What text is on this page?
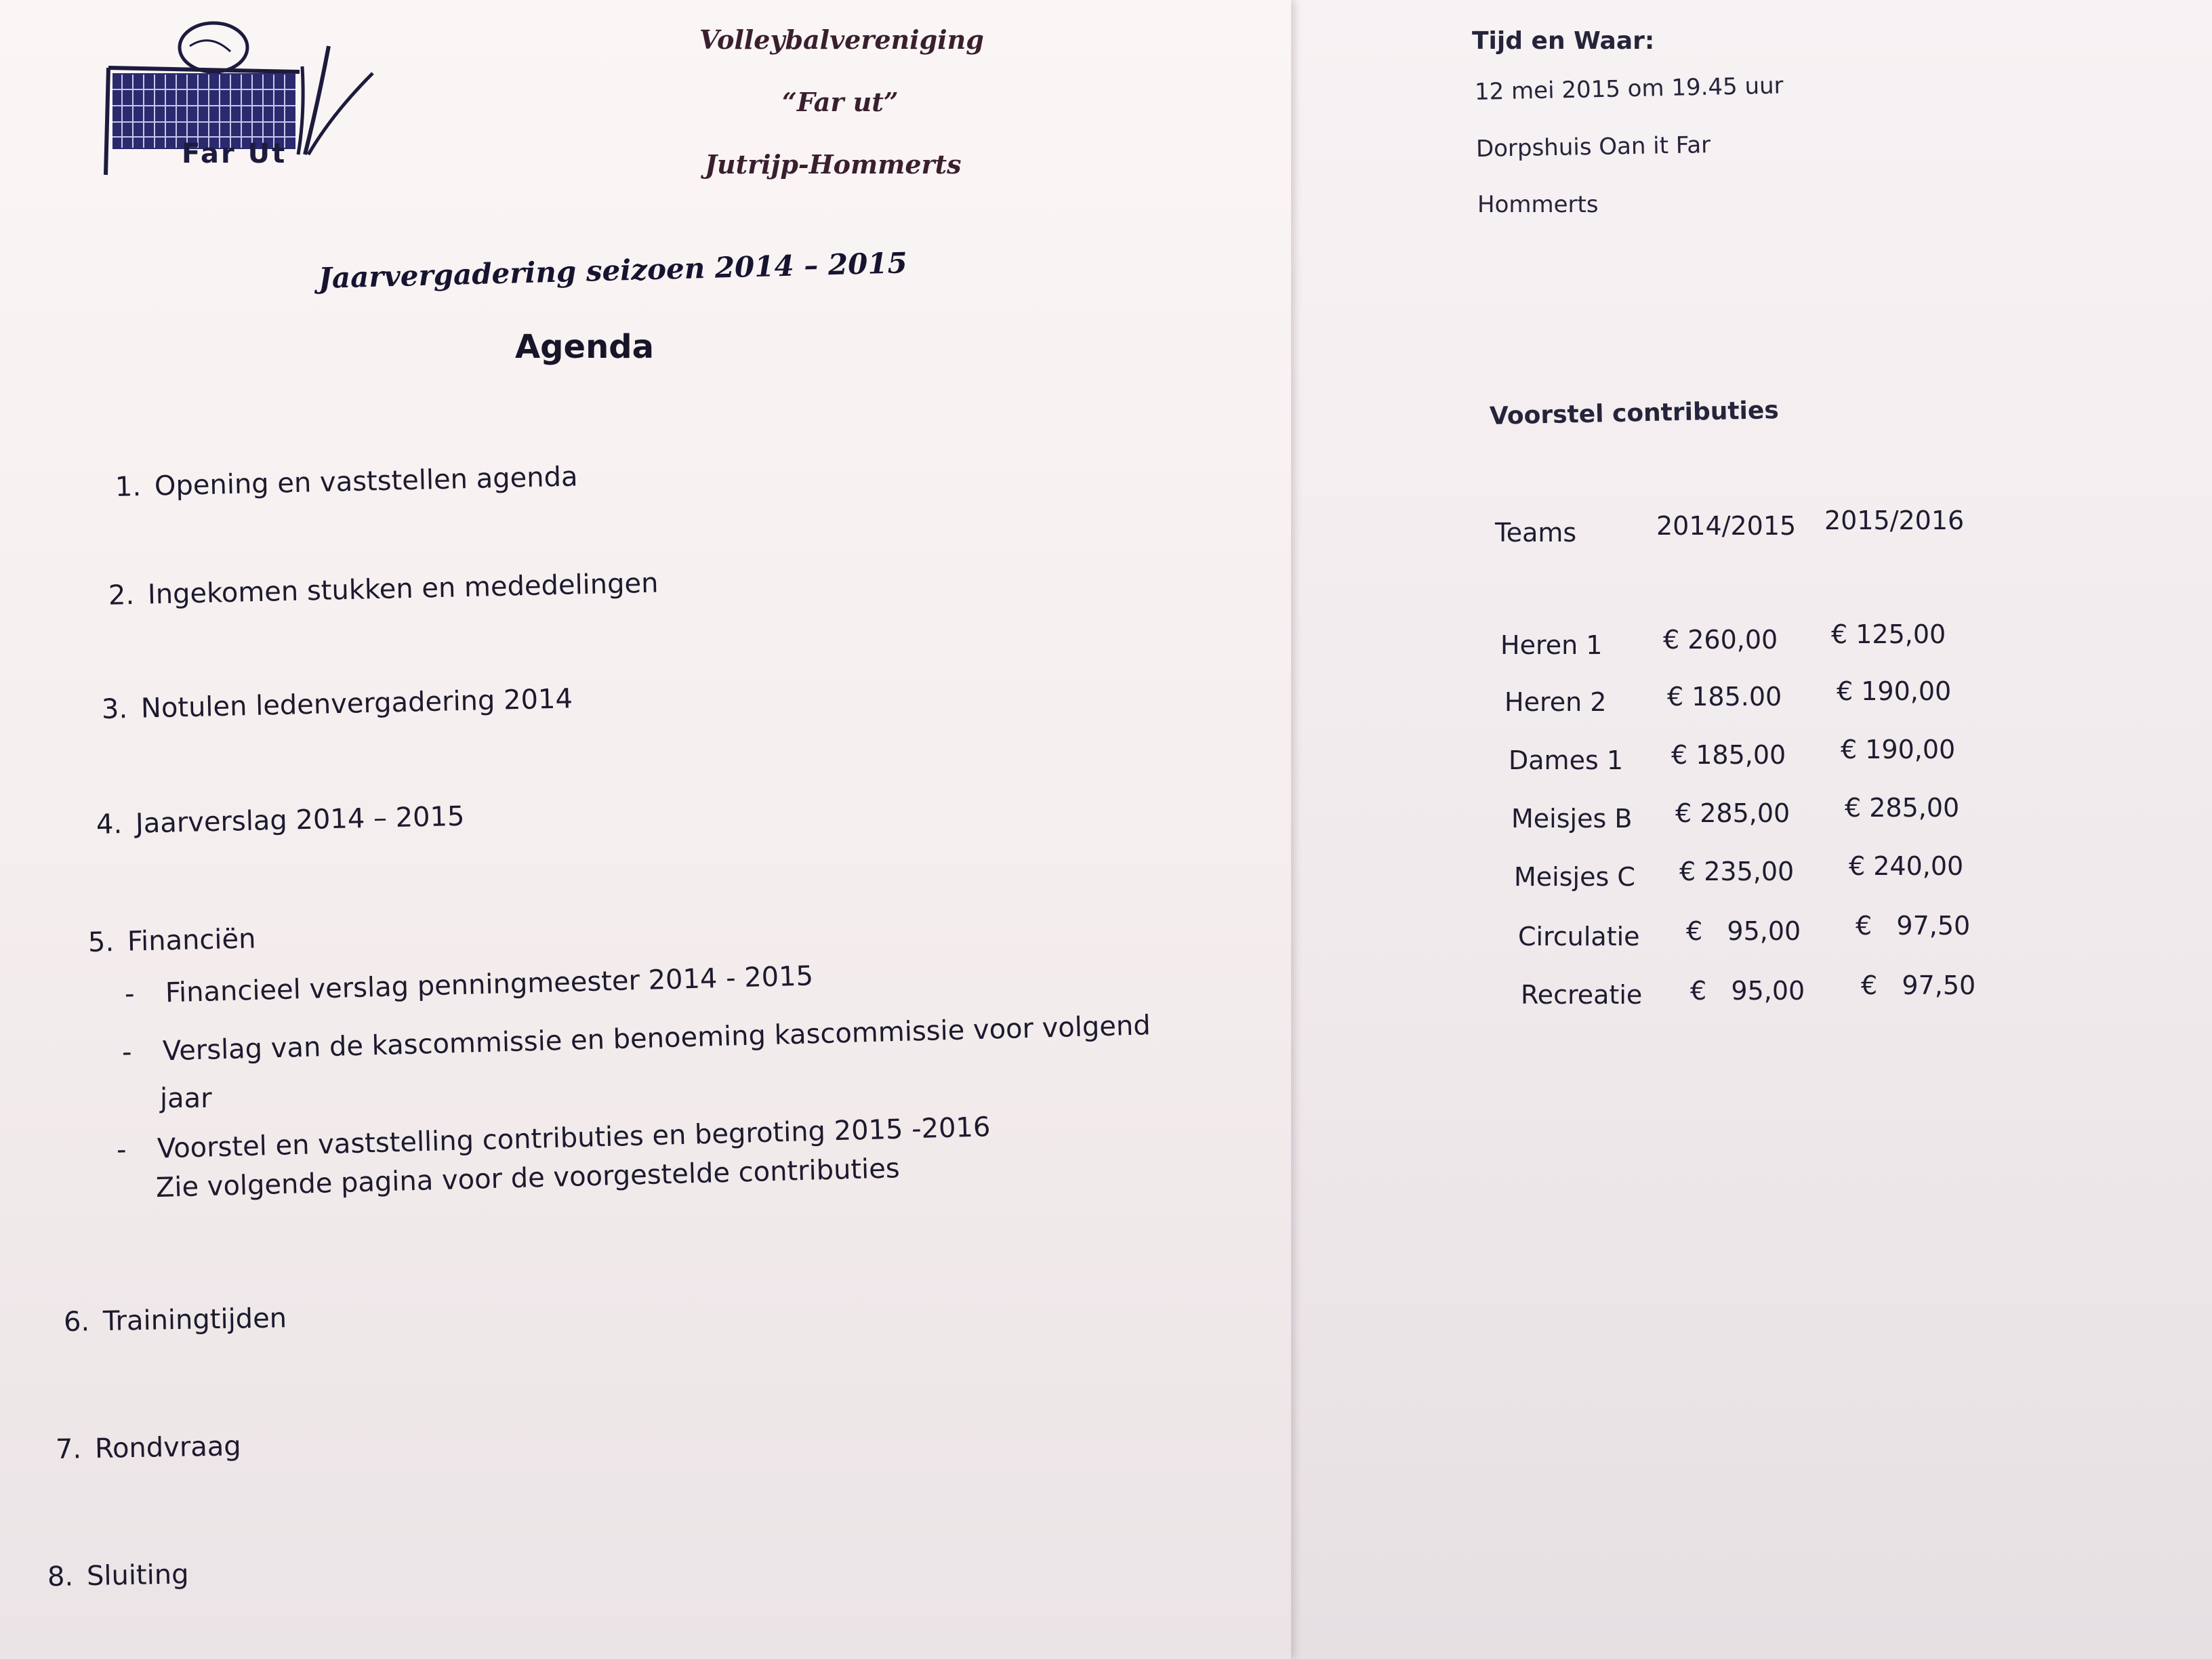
Tijd en Waar:
12 mei 2015 om 19.45 uur
Dorpshuis Oan it Far
Hommerts
Voorstel contributies
Teams	2014/2015 2015/2016
Heren 1 € 260,00 € 125,00
Heren 2 € 185.00 € 190,00
Dames 1 € 185,00 € 190,00
Meisjes B € 285,00 € 285,00
Meisjes C € 235,00 € 240,00
Circulatie €   95,00 €   97,50
Recreatie €   95,00 €   97,50
Far Ut
Volleybalvereniging
“Far ut”
Jutrijp-Hommerts
Jaarvergadering seizoen 2014 – 2015
Agenda
1. Opening en vaststellen agenda
2. Ingekomen stukken en mededelingen
3. Notulen ledenvergadering 2014
4. Jaarverslag 2014 – 2015
5. Financiën
- Financieel verslag penningmeester 2014 - 2015
- Verslag van de kascommissie en benoeming kascommissie voor volgend
jaar
- Voorstel en vaststelling contributies en begroting 2015 -2016
Zie volgende pagina voor de voorgestelde contributies
6. Trainingtijden
7. Rondvraag
8. Sluiting
